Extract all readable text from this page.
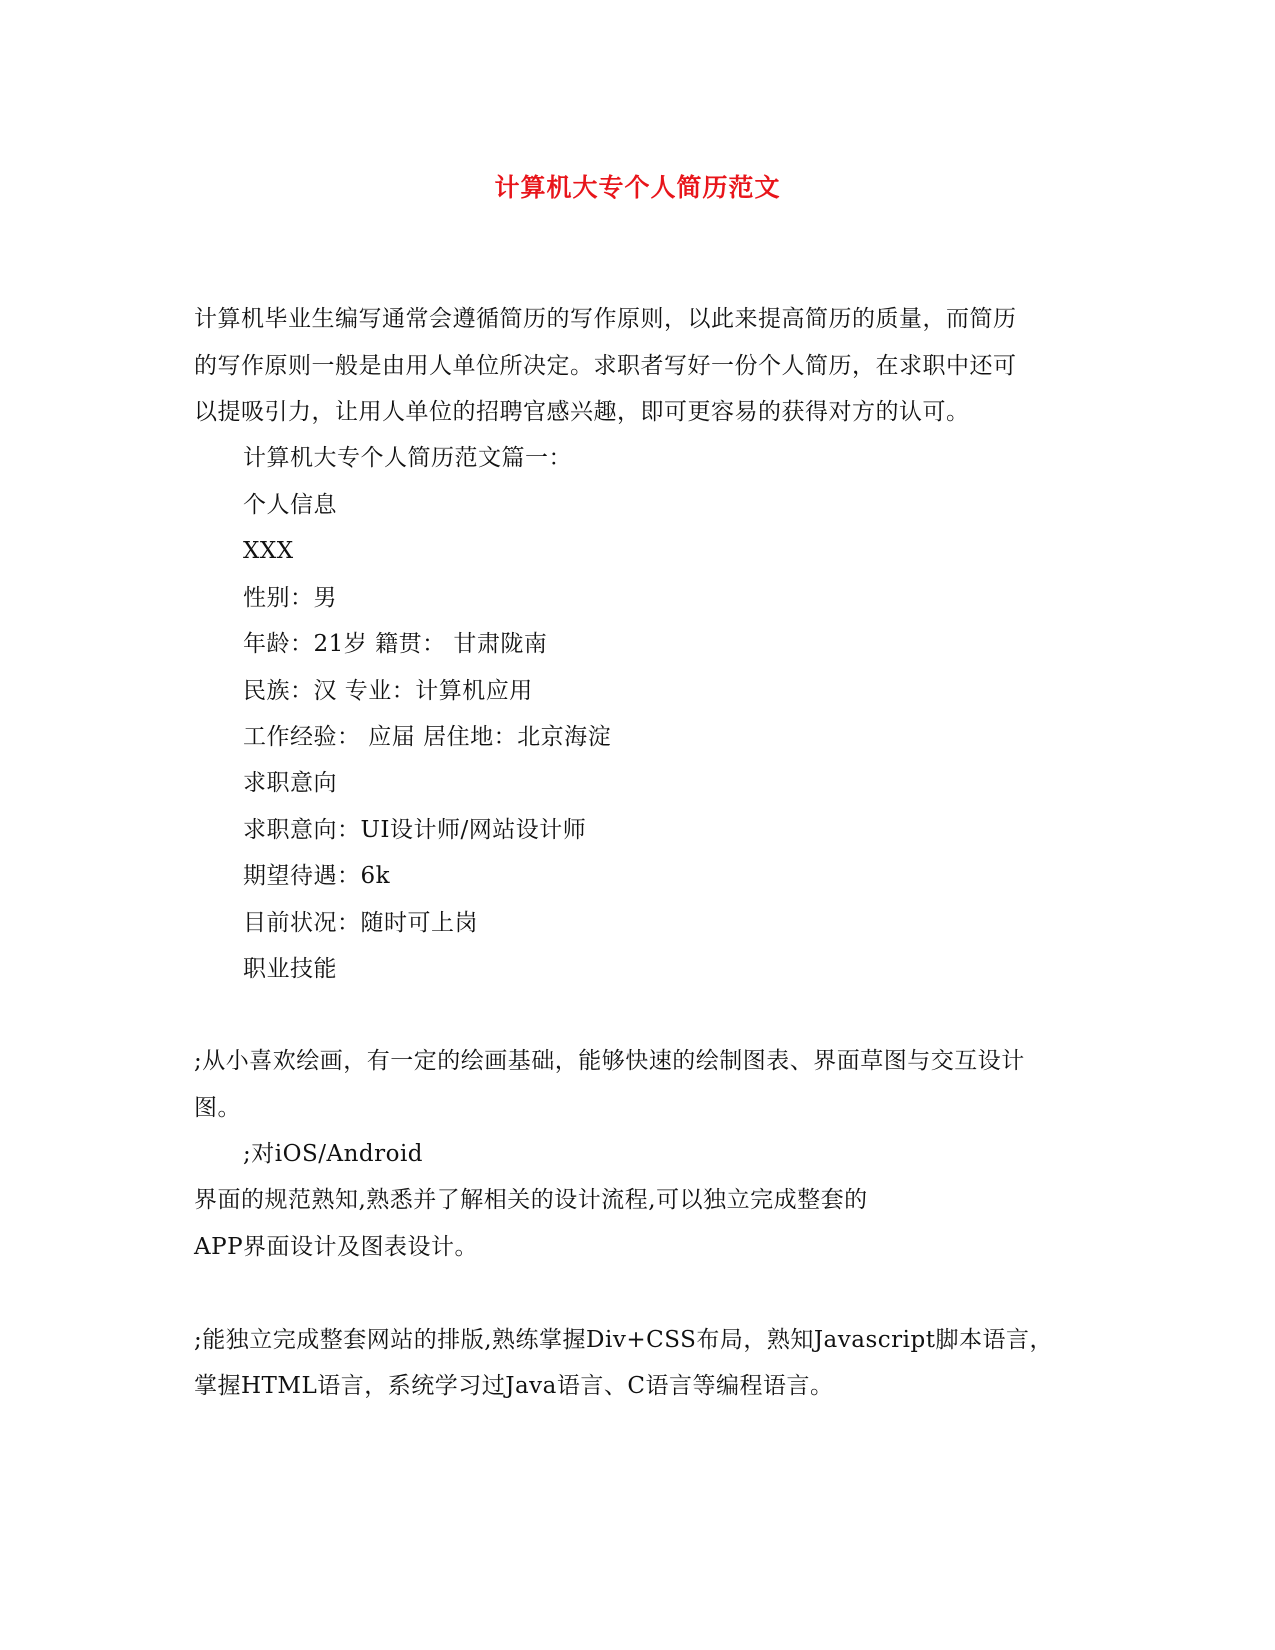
计算机大专个人简历范文
计算机毕业生编写通常会遵循简历的写作原则，以此来提高简历的质量，而简历
的写作原则一般是由用人单位所决定。求职者写好一份个人简历，在求职中还可
以提吸引力，让用人单位的招聘官感兴趣，即可更容易的获得对方的认可。
计算机大专个人简历范文篇一：
个人信息
XXX
性别：男
年龄：21岁 籍贯： 甘肃陇南
民族：汉 专业：计算机应用
工作经验： 应届 居住地：北京海淀
求职意向
求职意向：UI设计师/网站设计师
期望待遇：6k
目前状况：随时可上岗
职业技能
;从小喜欢绘画，有一定的绘画基础，能够快速的绘制图表、界面草图与交互设计
图。
;对iOS/Android
界面的规范熟知,熟悉并了解相关的设计流程,可以独立完成整套的
APP界面设计及图表设计。
;能独立完成整套网站的排版,熟练掌握Div+CSS布局，熟知Javascript脚本语言，
掌握HTML语言，系统学习过Java语言、C语言等编程语言。
